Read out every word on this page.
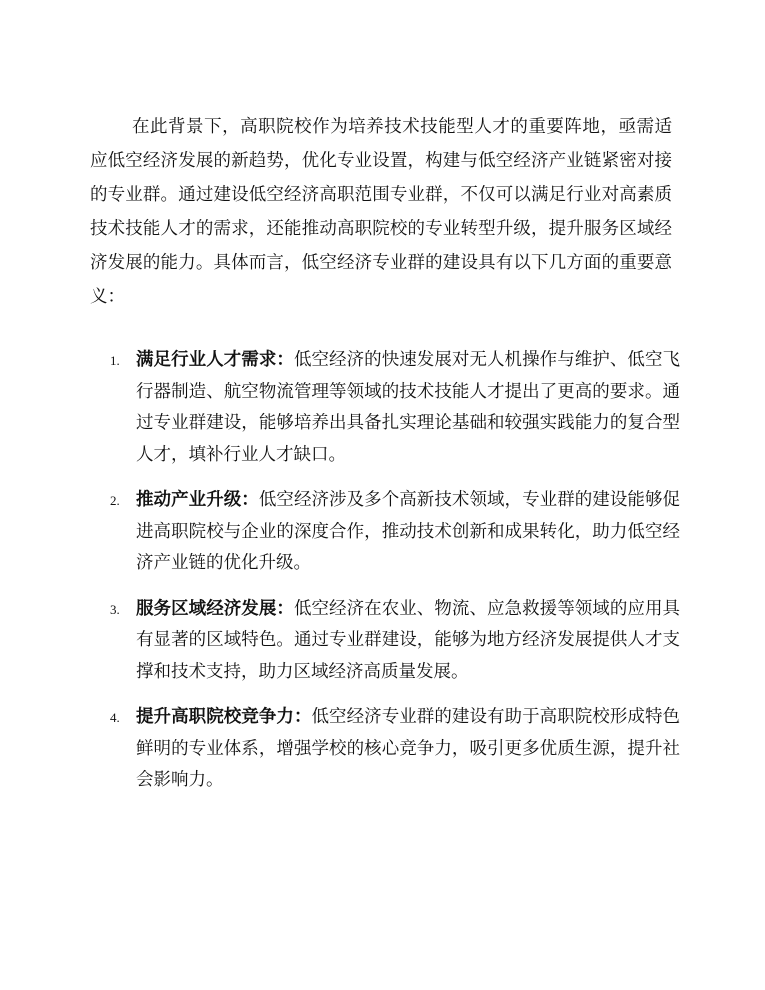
在此背景下，高职院校作为培养技术技能型人才的重要阵地，亟需适应低空经济发展的新趋势，优化专业设置，构建与低空经济产业链紧密对接的专业群。通过建设低空经济高职范围专业群，不仅可以满足行业对高素质技术技能人才的需求，还能推动高职院校的专业转型升级，提升服务区域经济发展的能力。具体而言，低空经济专业群的建设具有以下几方面的重要意义：

1. 满足行业人才需求：低空经济的快速发展对无人机操作与维护、低空飞行器制造、航空物流管理等领域的技术技能人才提出了更高的要求。通过专业群建设，能够培养出具备扎实理论基础和较强实践能力的复合型人才，填补行业人才缺口。
2. 推动产业升级：低空经济涉及多个高新技术领域，专业群的建设能够促进高职院校与企业的深度合作，推动技术创新和成果转化，助力低空经济产业链的优化升级。
3. 服务区域经济发展：低空经济在农业、物流、应急救援等领域的应用具有显著的区域特色。通过专业群建设，能够为地方经济发展提供人才支撑和技术支持，助力区域经济高质量发展。
4. 提升高职院校竞争力：低空经济专业群的建设有助于高职院校形成特色鲜明的专业体系，增强学校的核心竞争力，吸引更多优质生源，提升社会影响力。
